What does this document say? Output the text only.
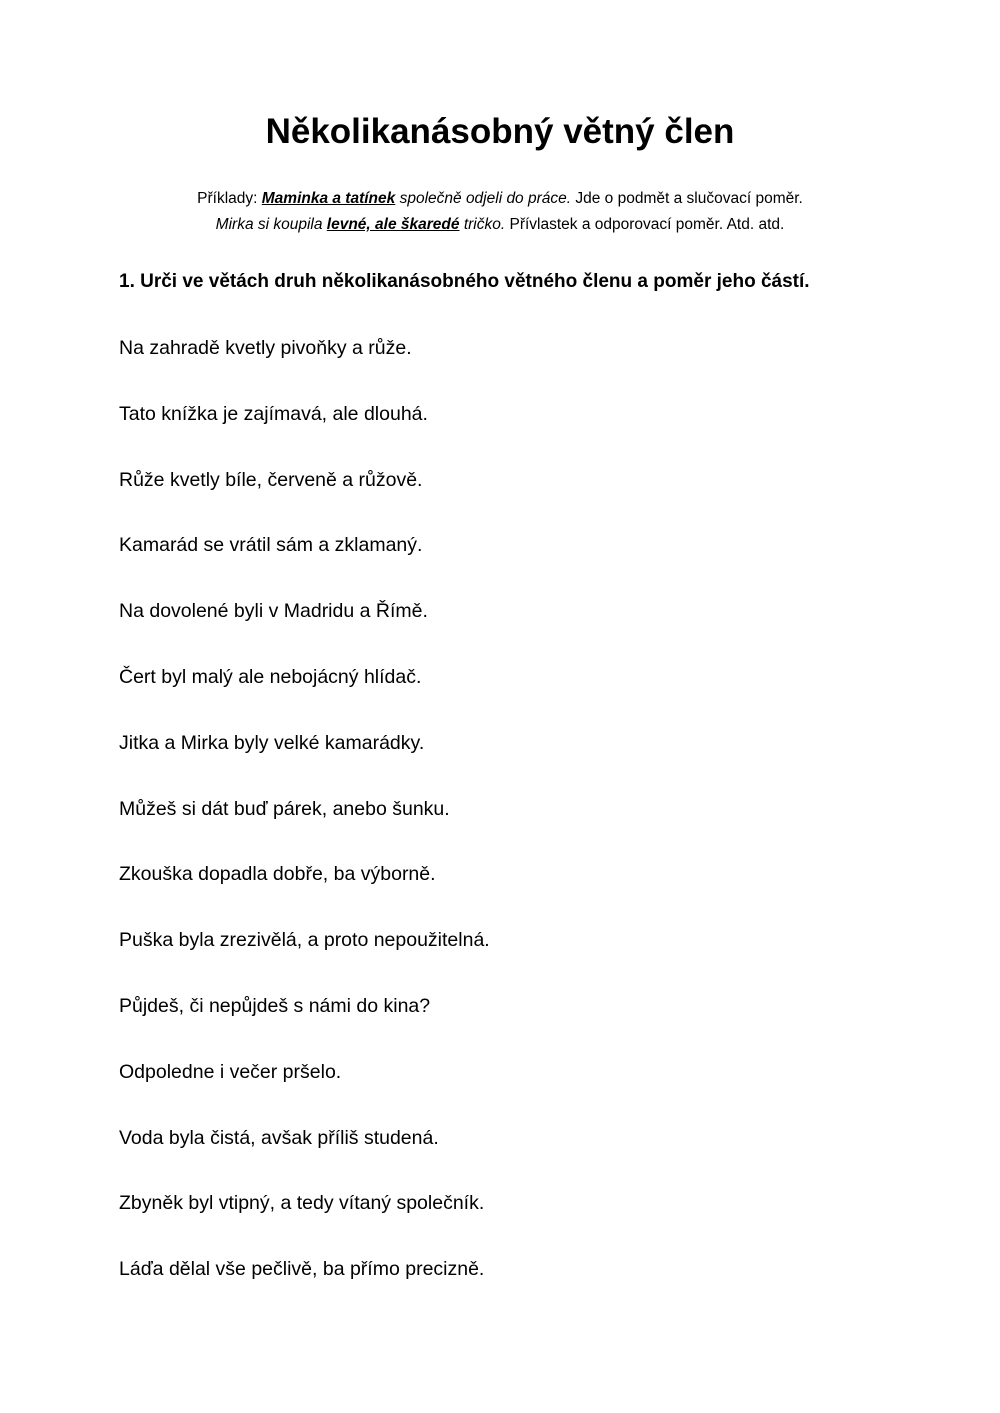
Několikanásobný větný člen
Příklady: Maminka a tatínek společně odjeli do práce. Jde o podmět a slučovací poměr.
Mirka si koupila levné, ale škaredé tričko. Přívlastek a odporovací poměr. Atd. atd.
1. Urči ve větách druh několikanásobného větného členu a poměr jeho částí.
Na zahradě kvetly pivoňky a růže.
Tato knížka je zajímavá, ale dlouhá.
Růže kvetly bíle, červeně a růžově.
Kamarád se vrátil sám a zklamaný.
Na dovolené byli v Madridu a Římě.
Čert byl malý ale nebojácný hlídač.
Jitka a Mirka byly velké kamarádky.
Můžeš si dát buď párek, anebo šunku.
Zkouška dopadla dobře, ba výborně.
Puška byla zrezivělá, a proto nepoužitelná.
Půjdeš, či nepůjdeš s námi do kina?
Odpoledne i večer pršelo.
Voda byla čistá, avšak příliš studená.
Zbyněk byl vtipný, a tedy vítaný společník.
Láďa dělal vše pečlivě, ba přímo precizně.
